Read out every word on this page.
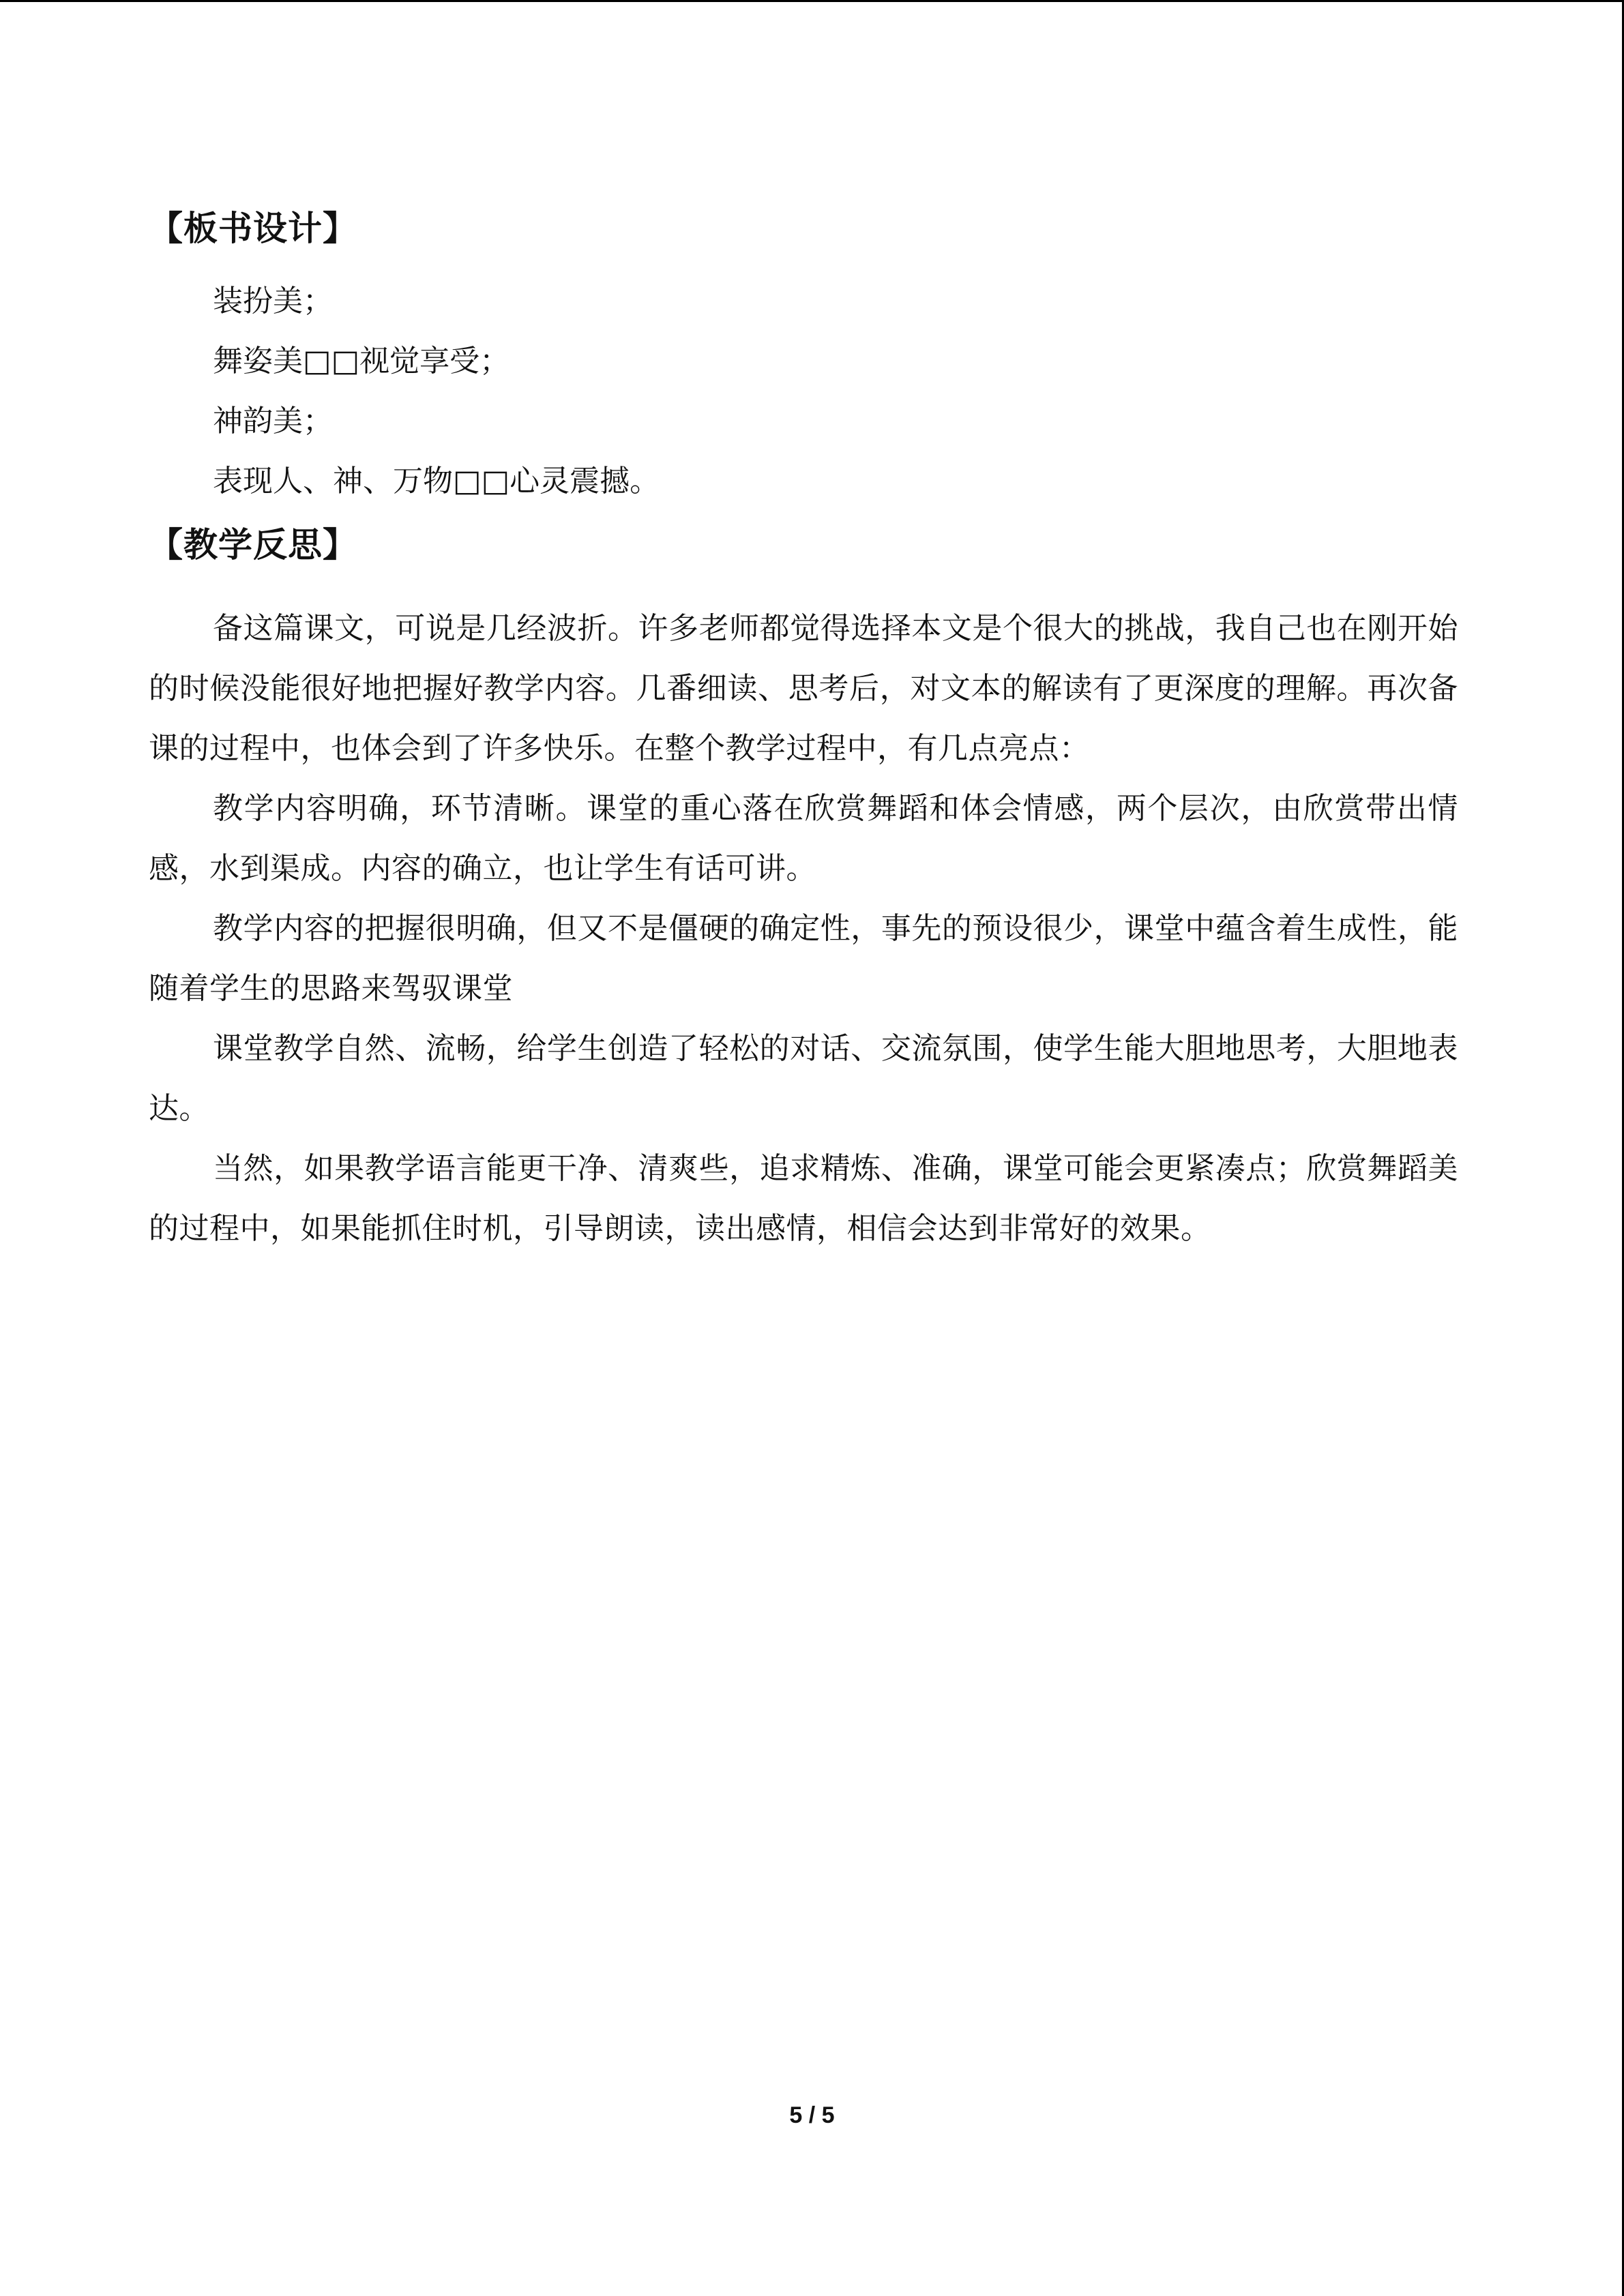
【板书设计】

装扮美；

舞姿美□□视觉享受；

神韵美；

表现人、神、万物□□心灵震撼。

【教学反思】

备这篇课文，可说是几经波折。许多老师都觉得选择本文是个很大的挑战，我自己也在刚开始的时候没能很好地把握好教学内容。几番细读、思考后，对文本的解读有了更深度的理解。再次备课的过程中，也体会到了许多快乐。在整个教学过程中，有几点亮点：

教学内容明确，环节清晰。课堂的重心落在欣赏舞蹈和体会情感，两个层次，由欣赏带出情感，水到渠成。内容的确立，也让学生有话可讲。

教学内容的把握很明确，但又不是僵硬的确定性，事先的预设很少，课堂中蕴含着生成性，能随着学生的思路来驾驭课堂

课堂教学自然、流畅，给学生创造了轻松的对话、交流氛围，使学生能大胆地思考，大胆地表达。

当然，如果教学语言能更干净、清爽些，追求精炼、准确，课堂可能会更紧凑点；欣赏舞蹈美的过程中，如果能抓住时机，引导朗读，读出感情，相信会达到非常好的效果。

5 / 5
